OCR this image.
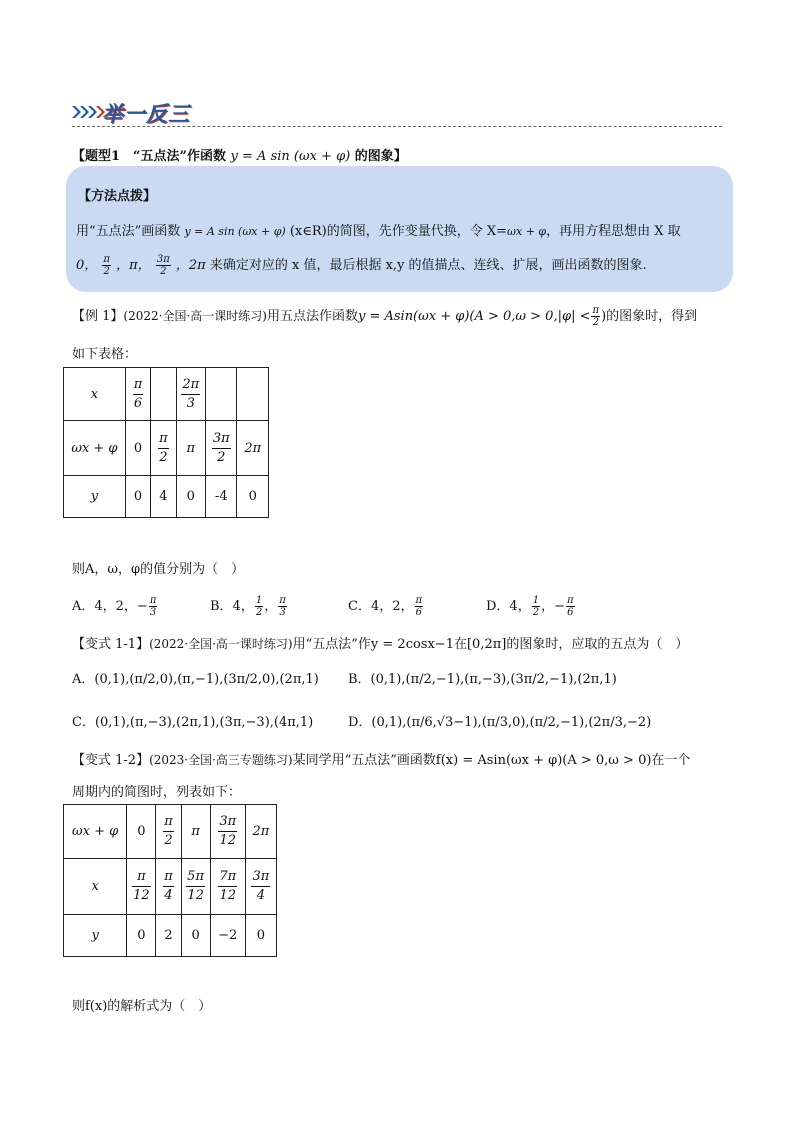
举一反三
【题型1　“五点法”作函数 y = A sin (ωx + φ) 的图象】
【方法点拨】
用“五点法”画函数 y = A sin (ωx + φ) (x∈R)的简图，先作变量代换，令 X=ωx + φ，再用方程思想由 X 取
0， $\frac{\pi}{2}$ ，π， $\frac{3\pi}{2}$ ，2π 来确定对应的 x 值，最后根据 x,y 的值描点、连线、扩展，画出函数的图象.
【例 1】(2022·全国·高一课时练习)用五点法作函数$y = Asin(\omega x + \varphi)(A > 0,\omega > 0,|\varphi| < \frac{\pi}{2}$ )的图象时，得到
如下表格：
x	$\frac{\pi}{6}$		$\frac{2\pi}{3}$

ωx + φ	0	$\frac{\pi}{2}$	π	$\frac{3\pi}{2}$	2π
y	0	4	0	-4	0
则A，ω，φ的值分别为（　）
A．4，2，− $\frac{\pi}{3}$	B．4， $\frac{1}{2}$ ， $\frac{\pi}{3}$	C．4，2， $\frac{\pi}{6}$	D．4， $\frac{1}{2}$ ，− $\frac{\pi}{6}$
【变式 1-1】(2022·全国·高一课时练习)用“五点法”作y = 2cosx−1在[0,2π]的图象时，应取的五点为（　）
A．(0,1),(π/2,0),(π,−1),(3π/2,0),(2π,1) B．(0,1),(π/2,−1),(π,−3),(3π/2,−1),(2π,1)
C．(0,1),(π,−3),(2π,1),(3π,−3),(4π,1)	D．(0,1),(π/6,√3−1),(π/3,0),(π/2,−1),(2π/3,−2)
【变式 1-2】(2023·全国·高三专题练习)某同学用“五点法”画函数f(x) = Asin(ωx + φ)(A > 0,ω > 0)在一个
周期内的简图时，列表如下：
ωx + φ	0	$\frac{\pi}{2}$	π	$\frac{3\pi}{12}$	2π
x	$\frac{\pi}{12}$	$\frac{\pi}{4}$	$\frac{5\pi}{12}$	$\frac{7\pi}{12}$	$\frac{3\pi}{4}$

y	0	2	0	−2	0
则f(x)的解析式为（　）
